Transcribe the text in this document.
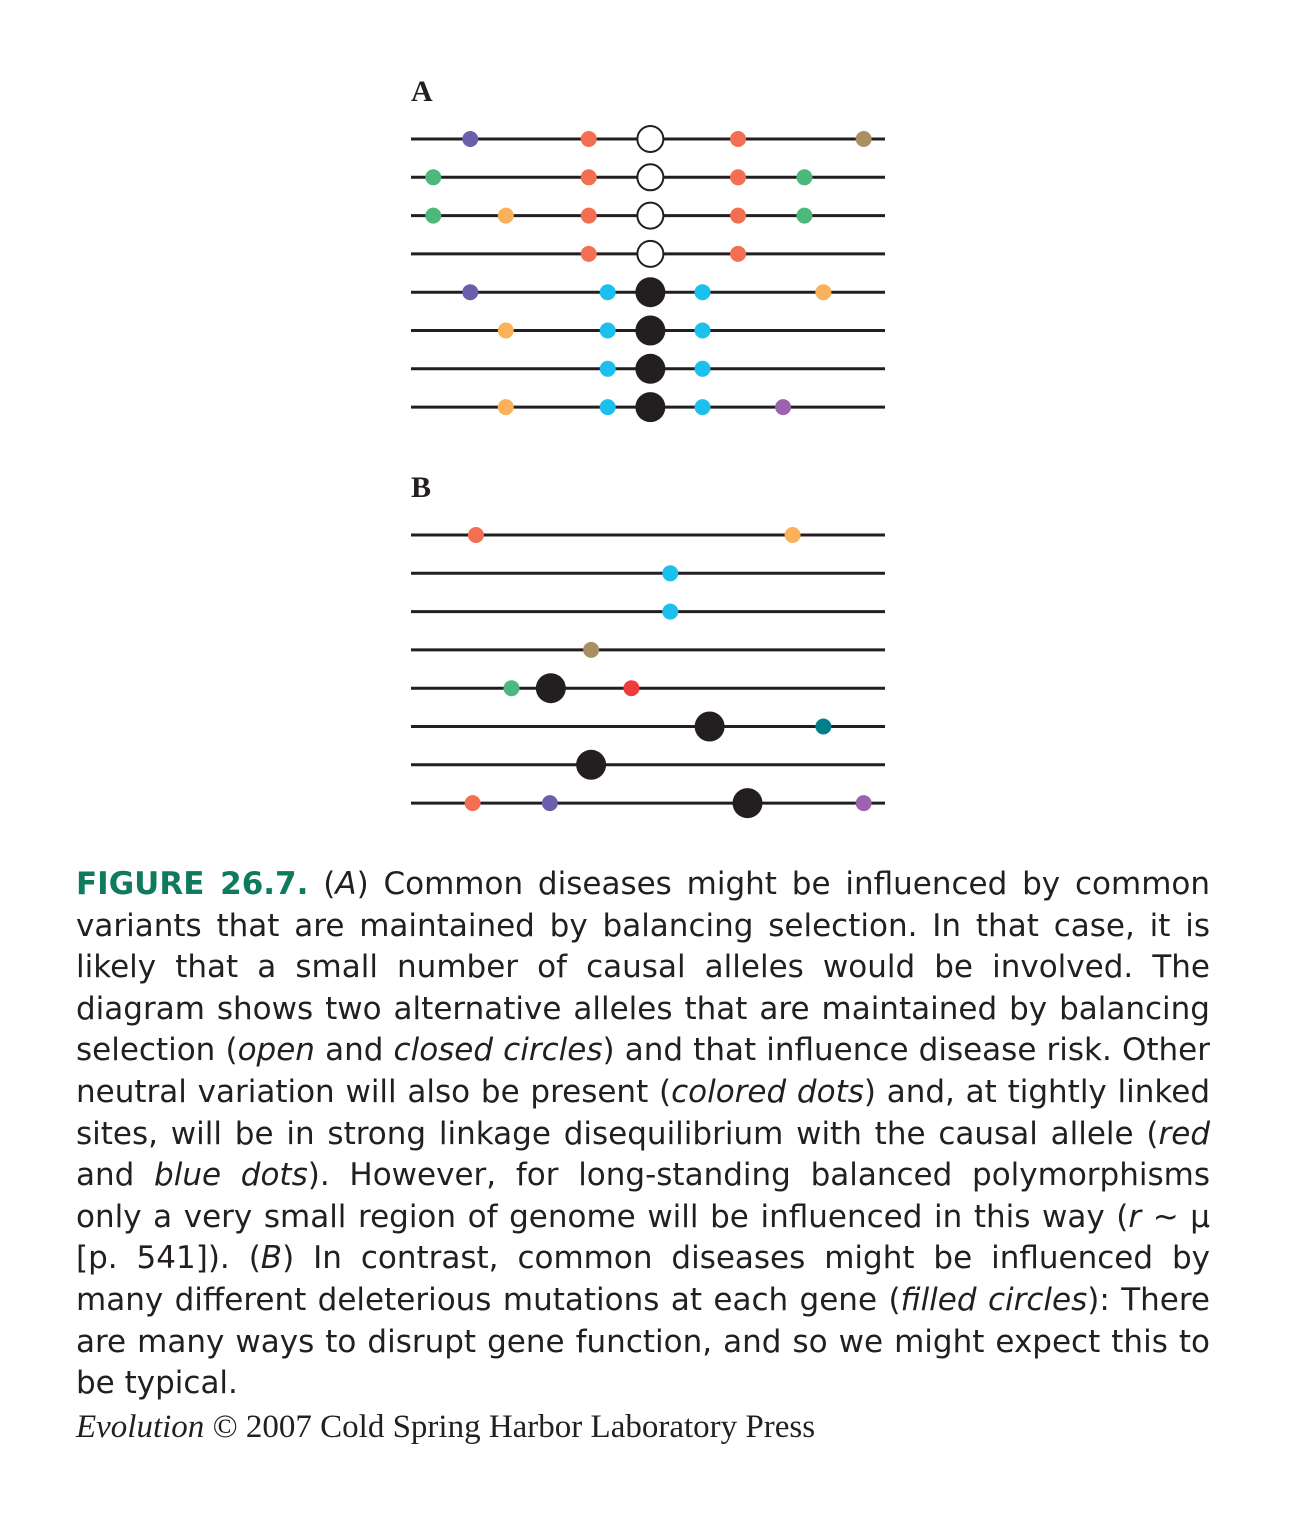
A
B

FIGURE 26.7. (A) Common diseases might be influenced by common variants that are maintained by balancing selection. In that case, it is likely that a small number of causal alleles would be involved. The diagram shows two alternative alleles that are maintained by balancing selection (open and closed circles) and that influence disease risk. Other neutral variation will also be present (colored dots) and, at tightly linked sites, will be in strong linkage disequilibrium with the causal allele (red and blue dots). However, for long-standing balanced polymorphisms only a very small region of genome will be influenced in this way (r ~ μ [p. 541]). (B) In contrast, common diseases might be influenced by many different deleterious mutations at each gene (filled circles): There are many ways to disrupt gene function, and so we might expect this to be typical.

Evolution © 2007 Cold Spring Harbor Laboratory Press
